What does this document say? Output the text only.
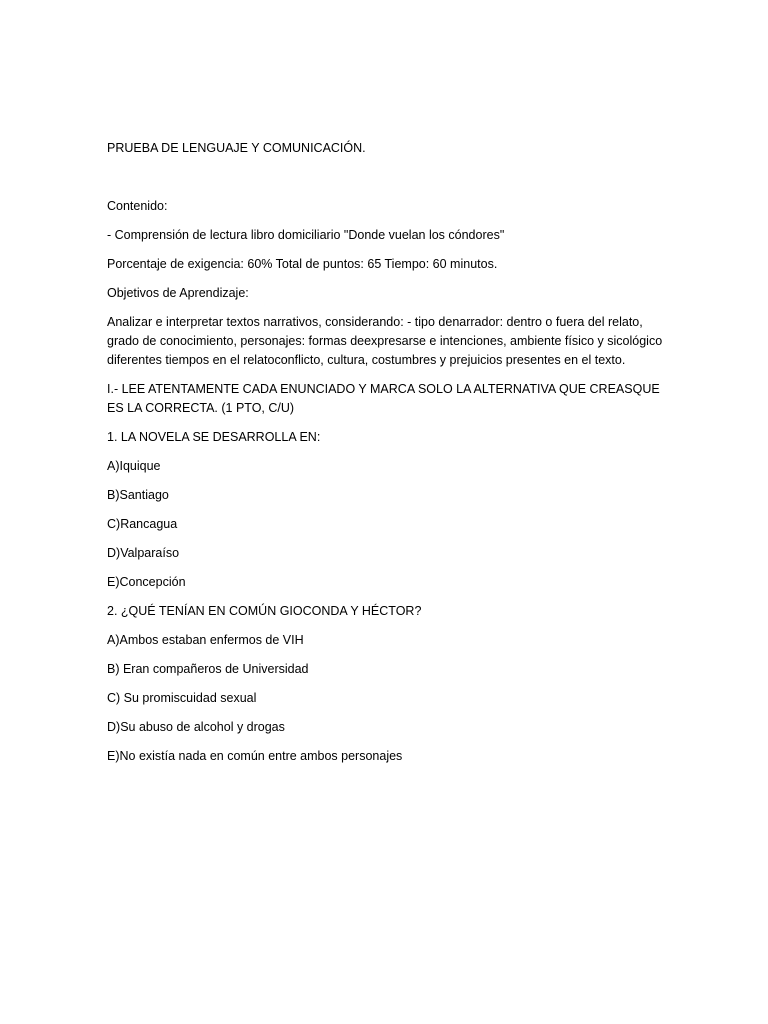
PRUEBA DE LENGUAJE Y COMUNICACIÓN.
Contenido:
- Comprensión de lectura libro domiciliario "Donde vuelan los cóndores"
Porcentaje de exigencia: 60% Total de puntos: 65 Tiempo: 60 minutos.
Objetivos de Aprendizaje:
Analizar e interpretar textos narrativos, considerando: - tipo denarrador: dentro o fuera del relato, grado de conocimiento, personajes: formas deexpresarse e intenciones, ambiente físico y sicológico diferentes tiempos en el relatoconflicto, cultura, costumbres y prejuicios presentes en el texto.
I.- LEE ATENTAMENTE CADA ENUNCIADO Y MARCA SOLO LA ALTERNATIVA QUE CREASQUE ES LA CORRECTA. (1 PTO, C/U)
1. LA NOVELA SE DESARROLLA EN:
A)Iquique
B)Santiago
C)Rancagua
D)Valparaíso
E)Concepción
2. ¿QUÉ TENÍAN EN COMÚN GIOCONDA Y HÉCTOR?
A)Ambos estaban enfermos de VIH
B) Eran compañeros de Universidad
C) Su promiscuidad sexual
D)Su abuso de alcohol y drogas
E)No existía nada en común entre ambos personajes
